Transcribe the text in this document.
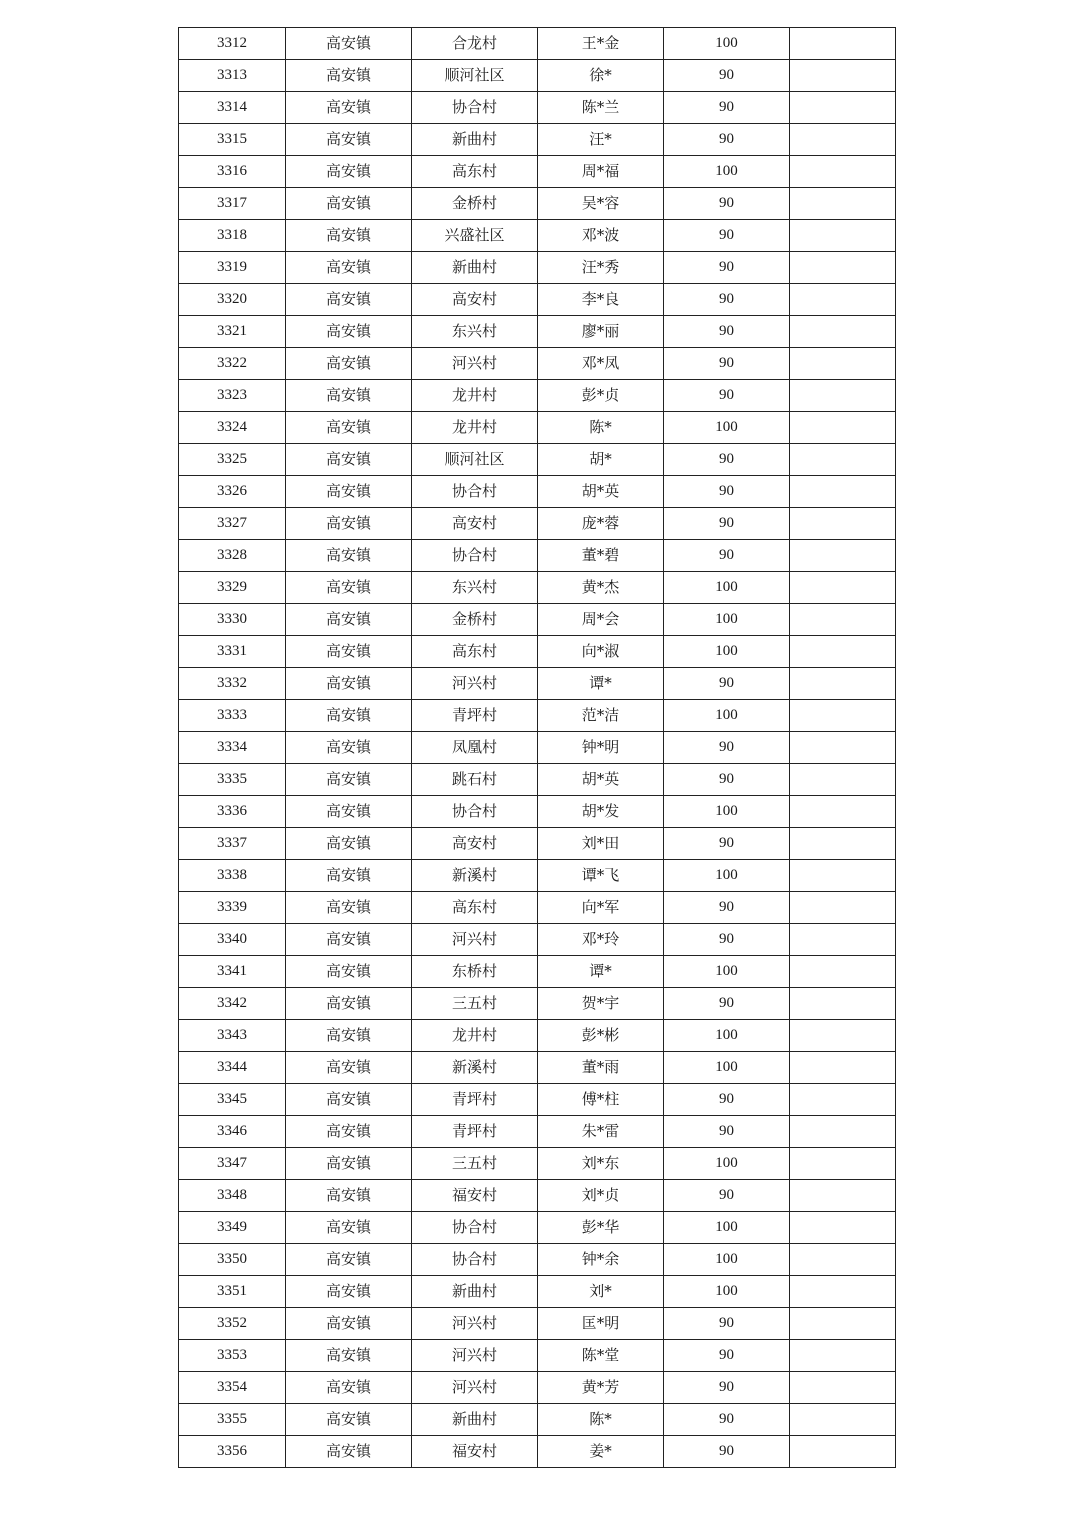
3312	高安镇	合龙村	王*金	100	
3313	高安镇	顺河社区	徐*	90	
3314	高安镇	协合村	陈*兰	90	
3315	高安镇	新曲村	汪*	90	
3316	高安镇	高东村	周*福	100	
3317	高安镇	金桥村	吴*容	90	
3318	高安镇	兴盛社区	邓*波	90	
3319	高安镇	新曲村	汪*秀	90	
3320	高安镇	高安村	李*良	90	
3321	高安镇	东兴村	廖*丽	90	
3322	高安镇	河兴村	邓*凤	90	
3323	高安镇	龙井村	彭*贞	90	
3324	高安镇	龙井村	陈*	100	
3325	高安镇	顺河社区	胡*	90	
3326	高安镇	协合村	胡*英	90	
3327	高安镇	高安村	庞*蓉	90	
3328	高安镇	协合村	董*碧	90	
3329	高安镇	东兴村	黄*杰	100	
3330	高安镇	金桥村	周*会	100	
3331	高安镇	高东村	向*淑	100	
3332	高安镇	河兴村	谭*	90	
3333	高安镇	青坪村	范*洁	100	
3334	高安镇	凤凰村	钟*明	90	
3335	高安镇	跳石村	胡*英	90	
3336	高安镇	协合村	胡*发	100	
3337	高安镇	高安村	刘*田	90	
3338	高安镇	新溪村	谭*飞	100	
3339	高安镇	高东村	向*军	90	
3340	高安镇	河兴村	邓*玲	90	
3341	高安镇	东桥村	谭*	100	
3342	高安镇	三五村	贺*宇	90	
3343	高安镇	龙井村	彭*彬	100	
3344	高安镇	新溪村	董*雨	100	
3345	高安镇	青坪村	傅*柱	90	
3346	高安镇	青坪村	朱*雷	90	
3347	高安镇	三五村	刘*东	100	
3348	高安镇	福安村	刘*贞	90	
3349	高安镇	协合村	彭*华	100	
3350	高安镇	协合村	钟*余	100	
3351	高安镇	新曲村	刘*	100	
3352	高安镇	河兴村	匡*明	90	
3353	高安镇	河兴村	陈*堂	90	
3354	高安镇	河兴村	黄*芳	90	
3355	高安镇	新曲村	陈*	90	
3356	高安镇	福安村	姜*	90	
